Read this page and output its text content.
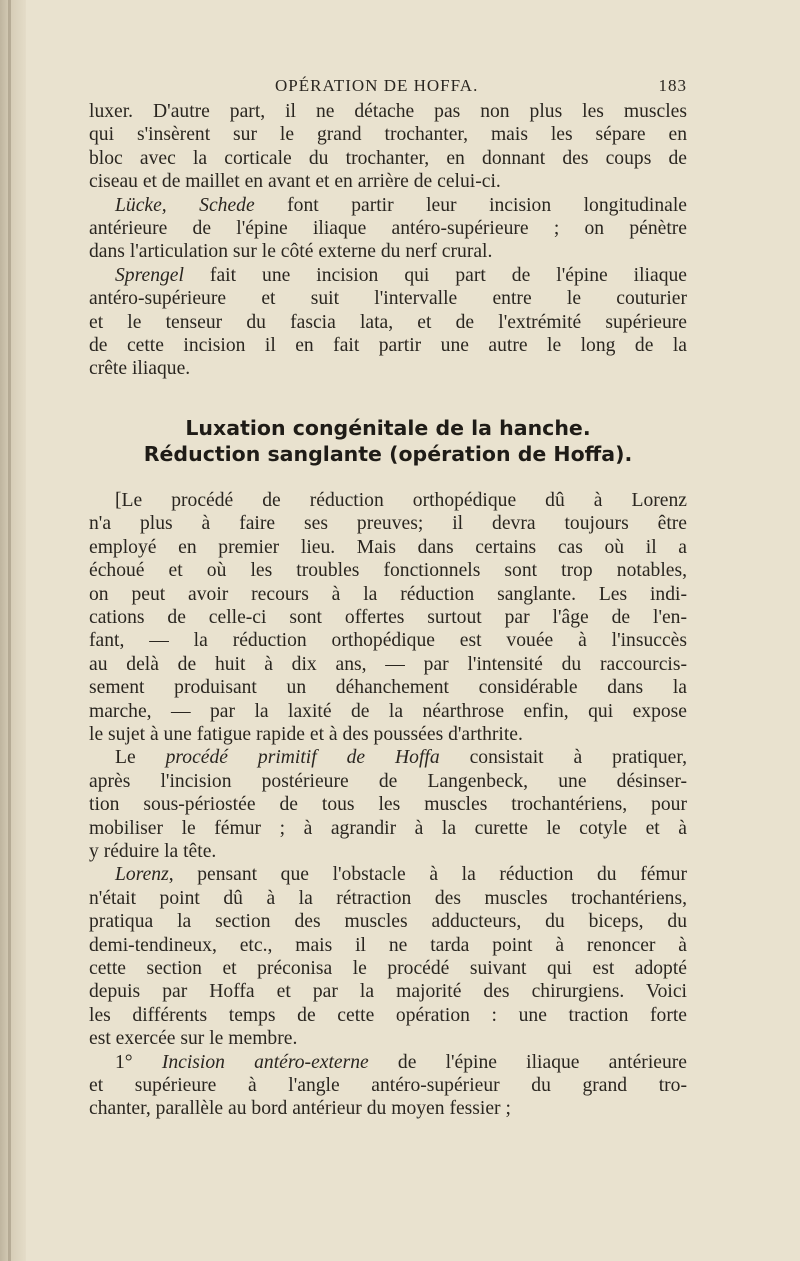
OPÉRATION DE HOFFA.	183

luxer. D'autre part, il ne détache pas non plus les muscles
qui s'insèrent sur le grand trochanter, mais les sépare en
bloc avec la corticale du trochanter, en donnant des coups de
ciseau et de maillet en avant et en arrière de celui-ci.

Lücke, Schede font partir leur incision longitudinale
antérieure de l'épine iliaque antéro-supérieure ; on pénètre
dans l'articulation sur le côté externe du nerf crural.

Sprengel fait une incision qui part de l'épine iliaque
antéro-supérieure et suit l'intervalle entre le couturier
et le tenseur du fascia lata, et de l'extrémité supérieure
de cette incision il en fait partir une autre le long de la
crête iliaque.

Luxation congénitale de la hanche.
Réduction sanglante (opération de Hoffa).

[Le procédé de réduction orthopédique dû à Lorenz
n'a plus à faire ses preuves; il devra toujours être
employé en premier lieu. Mais dans certains cas où il a
échoué et où les troubles fonctionnels sont trop notables,
on peut avoir recours à la réduction sanglante. Les indi-
cations de celle-ci sont offertes surtout par l'âge de l'en-
fant, — la réduction orthopédique est vouée à l'insuccès
au delà de huit à dix ans, — par l'intensité du raccourcis-
sement produisant un déhanchement considérable dans la
marche, — par la laxité de la néarthrose enfin, qui expose
le sujet à une fatigue rapide et à des poussées d'arthrite.

Le procédé primitif de Hoffa consistait à pratiquer,
après l'incision postérieure de Langenbeck, une désinser-
tion sous-périostée de tous les muscles trochantériens, pour
mobiliser le fémur ; à agrandir à la curette le cotyle et à
y réduire la tête.

Lorenz, pensant que l'obstacle à la réduction du fémur
n'était point dû à la rétraction des muscles trochantériens,
pratiqua la section des muscles adducteurs, du biceps, du
demi-tendineux, etc., mais il ne tarda point à renoncer à
cette section et préconisa le procédé suivant qui est adopté
depuis par Hoffa et par la majorité des chirurgiens. Voici
les différents temps de cette opération : une traction forte
est exercée sur le membre.

1° Incision antéro-externe de l'épine iliaque antérieure
et supérieure à l'angle antéro-supérieur du grand tro-
chanter, parallèle au bord antérieur du moyen fessier ;
